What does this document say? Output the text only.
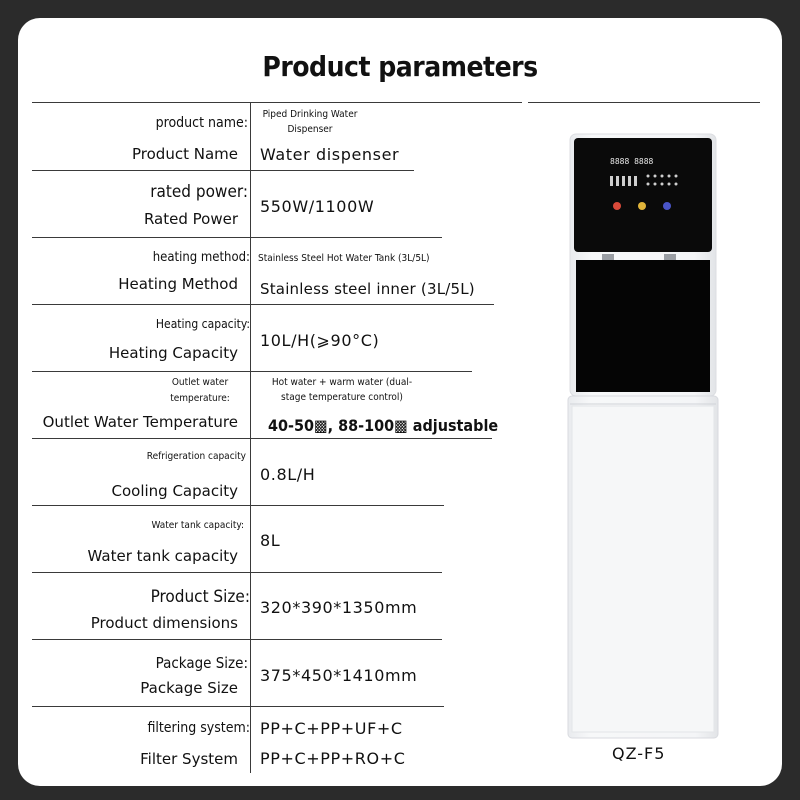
Product parameters
product name:
Product Name
Piped Drinking Water Dispenser
Water dispenser
rated power:
Rated Power
550W/1100W
heating method:
Heating Method
Stainless Steel Hot Water Tank (3L/5L)
Stainless steel inner (3L/5L)
Heating capacity:
Heating Capacity
10L/H(⩾90°C)
Outlet water temperature:
Outlet Water Temperature
Hot water + warm water (dual-stage temperature control)
40-50▩, 88-100▩ adjustable
Refrigeration capacity
Cooling Capacity
0.8L/H
Water tank capacity:
Water tank capacity
8L
Product Size:
Product dimensions
320*390*1350mm
Package Size:
Package Size
375*450*1410mm
filtering system:
Filter System
PP+C+PP+UF+C
PP+C+PP+RO+C
8888 8888
QZ-F5
